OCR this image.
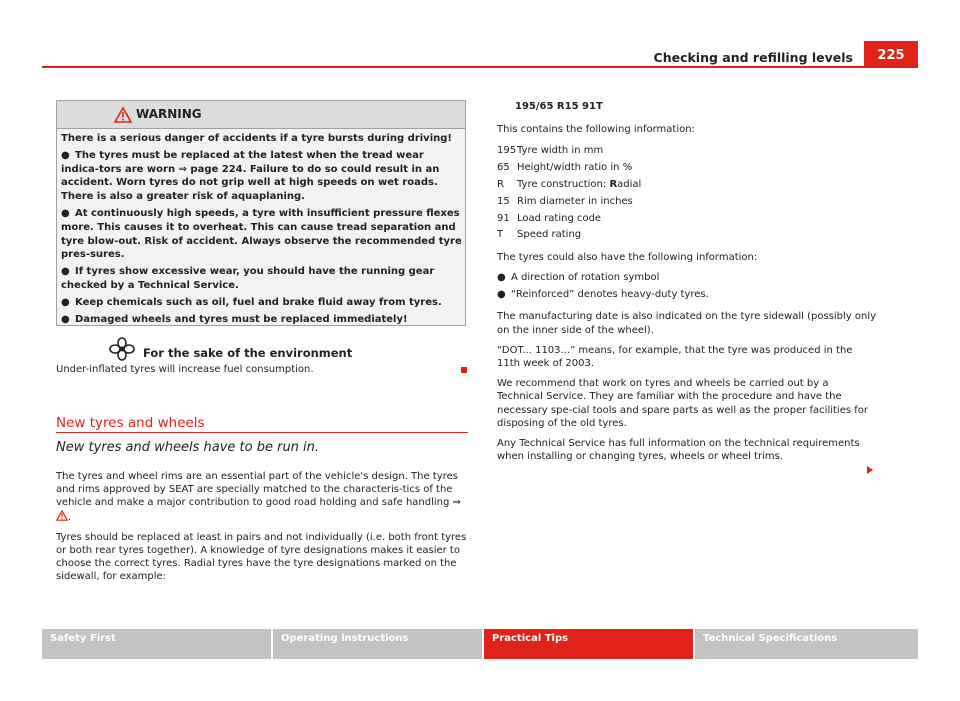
Checking and refilling levels	225
WARNING

There is a serious danger of accidents if a tyre bursts during driving!

● The tyres must be replaced at the latest when the tread wear indica-tors are worn ⇒ page 224. Failure to do so could result in an accident. Worn tyres do not grip well at high speeds on wet roads. There is also a greater risk of aquaplaning.

● At continuously high speeds, a tyre with insufficient pressure flexes more. This causes it to overheat. This can cause tread separation and tyre blow-out. Risk of accident. Always observe the recommended tyre pres-sures.

● If tyres show excessive wear, you should have the running gear checked by a Technical Service.

● Keep chemicals such as oil, fuel and brake fluid away from tyres.

● Damaged wheels and tyres must be replaced immediately!

For the sake of the environment
Under-inflated tyres will increase fuel consumption.
New tyres and wheels
New tyres and wheels have to be run in.

The tyres and wheel rims are an essential part of the vehicle's design. The tyres and rims approved by SEAT are specially matched to the characteris-tics of the vehicle and make a major contribution to good road holding and safe handling ⇒ .

Tyres should be replaced at least in pairs and not individually (i.e. both front tyres or both rear tyres together). A knowledge of tyre designations makes it easier to choose the correct tyres. Radial tyres have the tyre designations marked on the sidewall, for example:

195/65 R15 91T

This contains the following information:

195 Tyre width in mm
65 Height/width ratio in %
R	Tyre construction: Radial
15 Rim diameter in inches
91 Load rating code
T	Speed rating

The tyres could also have the following information:

● A direction of rotation symbol
● “Reinforced” denotes heavy-duty tyres.

The manufacturing date is also indicated on the tyre sidewall (possibly only on the inner side of the wheel).

“DOT... 1103...” means, for example, that the tyre was produced in the 11th week of 2003.

We recommend that work on tyres and wheels be carried out by a Technical Service. They are familiar with the procedure and have the necessary spe-cial tools and spare parts as well as the proper facilities for disposing of the old tyres.

Any Technical Service has full information on the technical requirements when installing or changing tyres, wheels or wheel trims.

Safety First	Operating instructions	Practical Tips	Technical Specifications
